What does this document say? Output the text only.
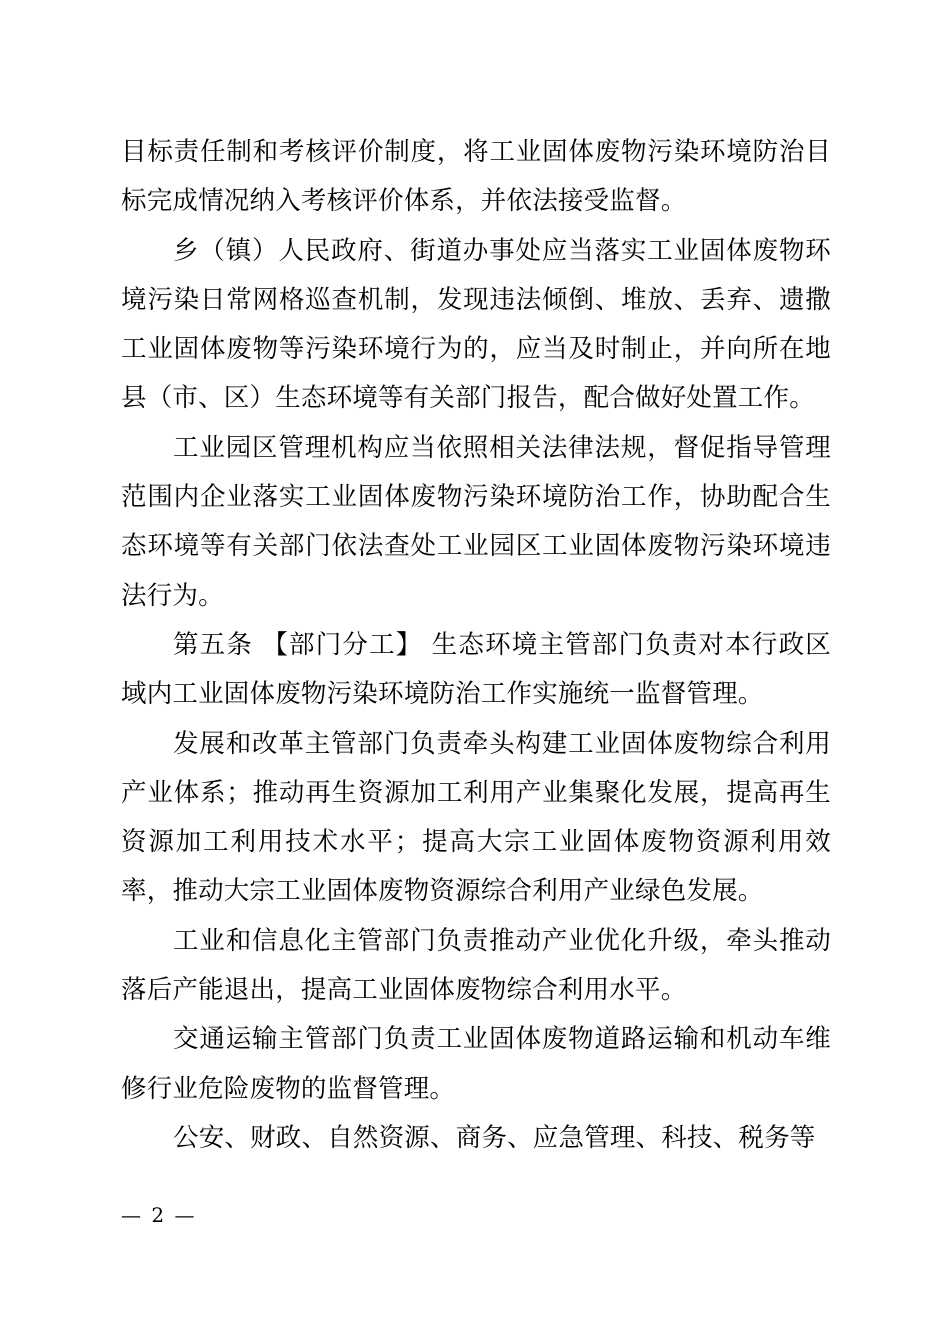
目标责任制和考核评价制度，将工业固体废物污染环境防治目标完成情况纳入考核评价体系，并依法接受监督。

乡（镇）人民政府、街道办事处应当落实工业固体废物环境污染日常网格巡查机制，发现违法倾倒、堆放、丢弃、遗撒工业固体废物等污染环境行为的，应当及时制止，并向所在地县（市、区）生态环境等有关部门报告，配合做好处置工作。

工业园区管理机构应当依照相关法律法规，督促指导管理范围内企业落实工业固体废物污染环境防治工作，协助配合生态环境等有关部门依法查处工业园区工业固体废物污染环境违法行为。

第五条 【部门分工】 生态环境主管部门负责对本行政区域内工业固体废物污染环境防治工作实施统一监督管理。

发展和改革主管部门负责牵头构建工业固体废物综合利用产业体系；推动再生资源加工利用产业集聚化发展，提高再生资源加工利用技术水平；提高大宗工业固体废物资源利用效率，推动大宗工业固体废物资源综合利用产业绿色发展。

工业和信息化主管部门负责推动产业优化升级，牵头推动落后产能退出，提高工业固体废物综合利用水平。

交通运输主管部门负责工业固体废物道路运输和机动车维修行业危险废物的监督管理。

公安、财政、自然资源、商务、应急管理、科技、税务等

— 2 —
